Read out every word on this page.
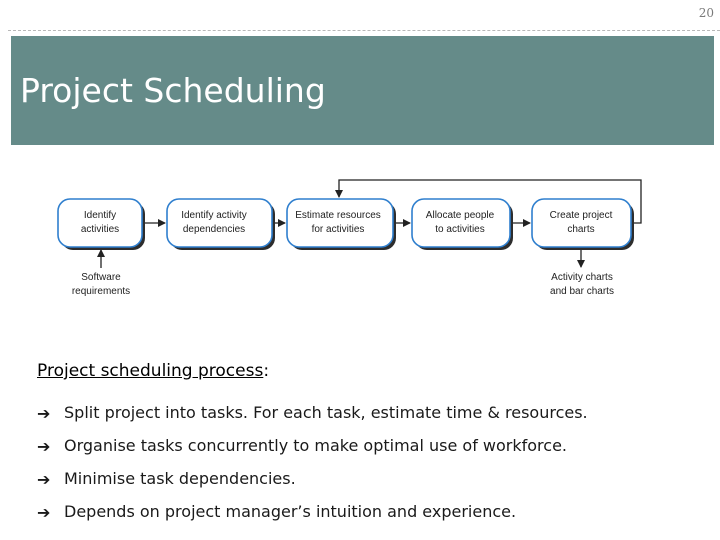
20
Project Scheduling
Identify
activities
Identify activity
dependencies
Estimate resources
for activities
Allocate people
to activities
Create project
charts
Software
requirements
Activity charts
and bar charts
Project scheduling process:
➔ Split project into tasks. For each task, estimate time & resources.
➔ Organise tasks concurrently to make optimal use of workforce.
➔ Minimise task dependencies.
➔ Depends on project manager’s intuition and experience.
